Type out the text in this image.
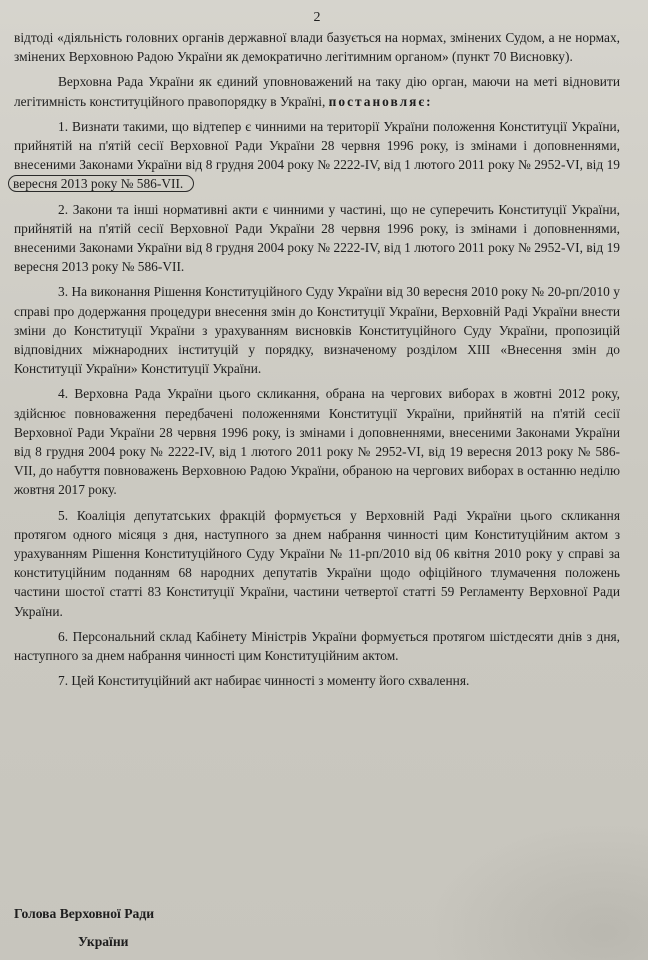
2

відтоді «діяльність головних органів державної влади базується на нормах, змінених Судом, а не нормах, змінених Верховною Радою України як демократично легітимним органом» (пункт 70 Висновку).

Верховна Рада України як єдиний уповноважений на таку дію орган, маючи на меті відновити легітимність конституційного правопорядку в Україні, постановляє:

1. Визнати такими, що відтепер є чинними на території України положення Конституції України, прийнятій на п'ятій сесії Верховної Ради України 28 червня 1996 року, із змінами і доповненнями, внесеними Законами України від 8 грудня 2004 року № 2222-IV, від 1 лютого 2011 року № 2952-VI, від 19 вересня 2013 року № 586-VII.

2. Закони та інші нормативні акти є чинними у частині, що не суперечить Конституції України, прийнятій на п'ятій сесії Верховної Ради України 28 червня 1996 року, із змінами і доповненнями, внесеними Законами України від 8 грудня 2004 року № 2222-IV, від 1 лютого 2011 року № 2952-VI, від 19 вересня 2013 року № 586-VII.

3. На виконання Рішення Конституційного Суду України від 30 вересня 2010 року № 20-рп/2010 у справі про додержання процедури внесення змін до Конституції України, Верховній Раді України внести зміни до Конституції України з урахуванням висновків Конституційного Суду України, пропозицій відповідних міжнародних інституцій у порядку, визначеному розділом XIII «Внесення змін до Конституції України» Конституції України.

4. Верховна Рада України цього скликання, обрана на чергових виборах в жовтні 2012 року, здійснює повноваження передбачені положеннями Конституції України, прийнятій на п'ятій сесії Верховної Ради України 28 червня 1996 року, із змінами і доповненнями, внесеними Законами України від 8 грудня 2004 року № 2222-IV, від 1 лютого 2011 року № 2952-VI, від 19 вересня 2013 року № 586-VII, до набуття повноважень Верховною Радою України, обраною на чергових виборах в останню неділю жовтня 2017 року.

5. Коаліція депутатських фракцій формується у Верховній Раді України цього скликання протягом одного місяця з дня, наступного за днем набрання чинності цим Конституційним актом з урахуванням Рішення Конституційного Суду України № 11-рп/2010 від 06 квітня 2010 року у справі за конституційним поданням 68 народних депутатів України щодо офіційного тлумачення положень частини шостої статті 83 Конституції України, частини четвертої статті 59 Регламенту Верховної Ради України.

6. Персональний склад Кабінету Міністрів України формується протягом шістдесяти днів з дня, наступного за днем набрання чинності цим Конституційним актом.

7. Цей Конституційний акт набирає чинності з моменту його схвалення.

Голова Верховної Ради
України
